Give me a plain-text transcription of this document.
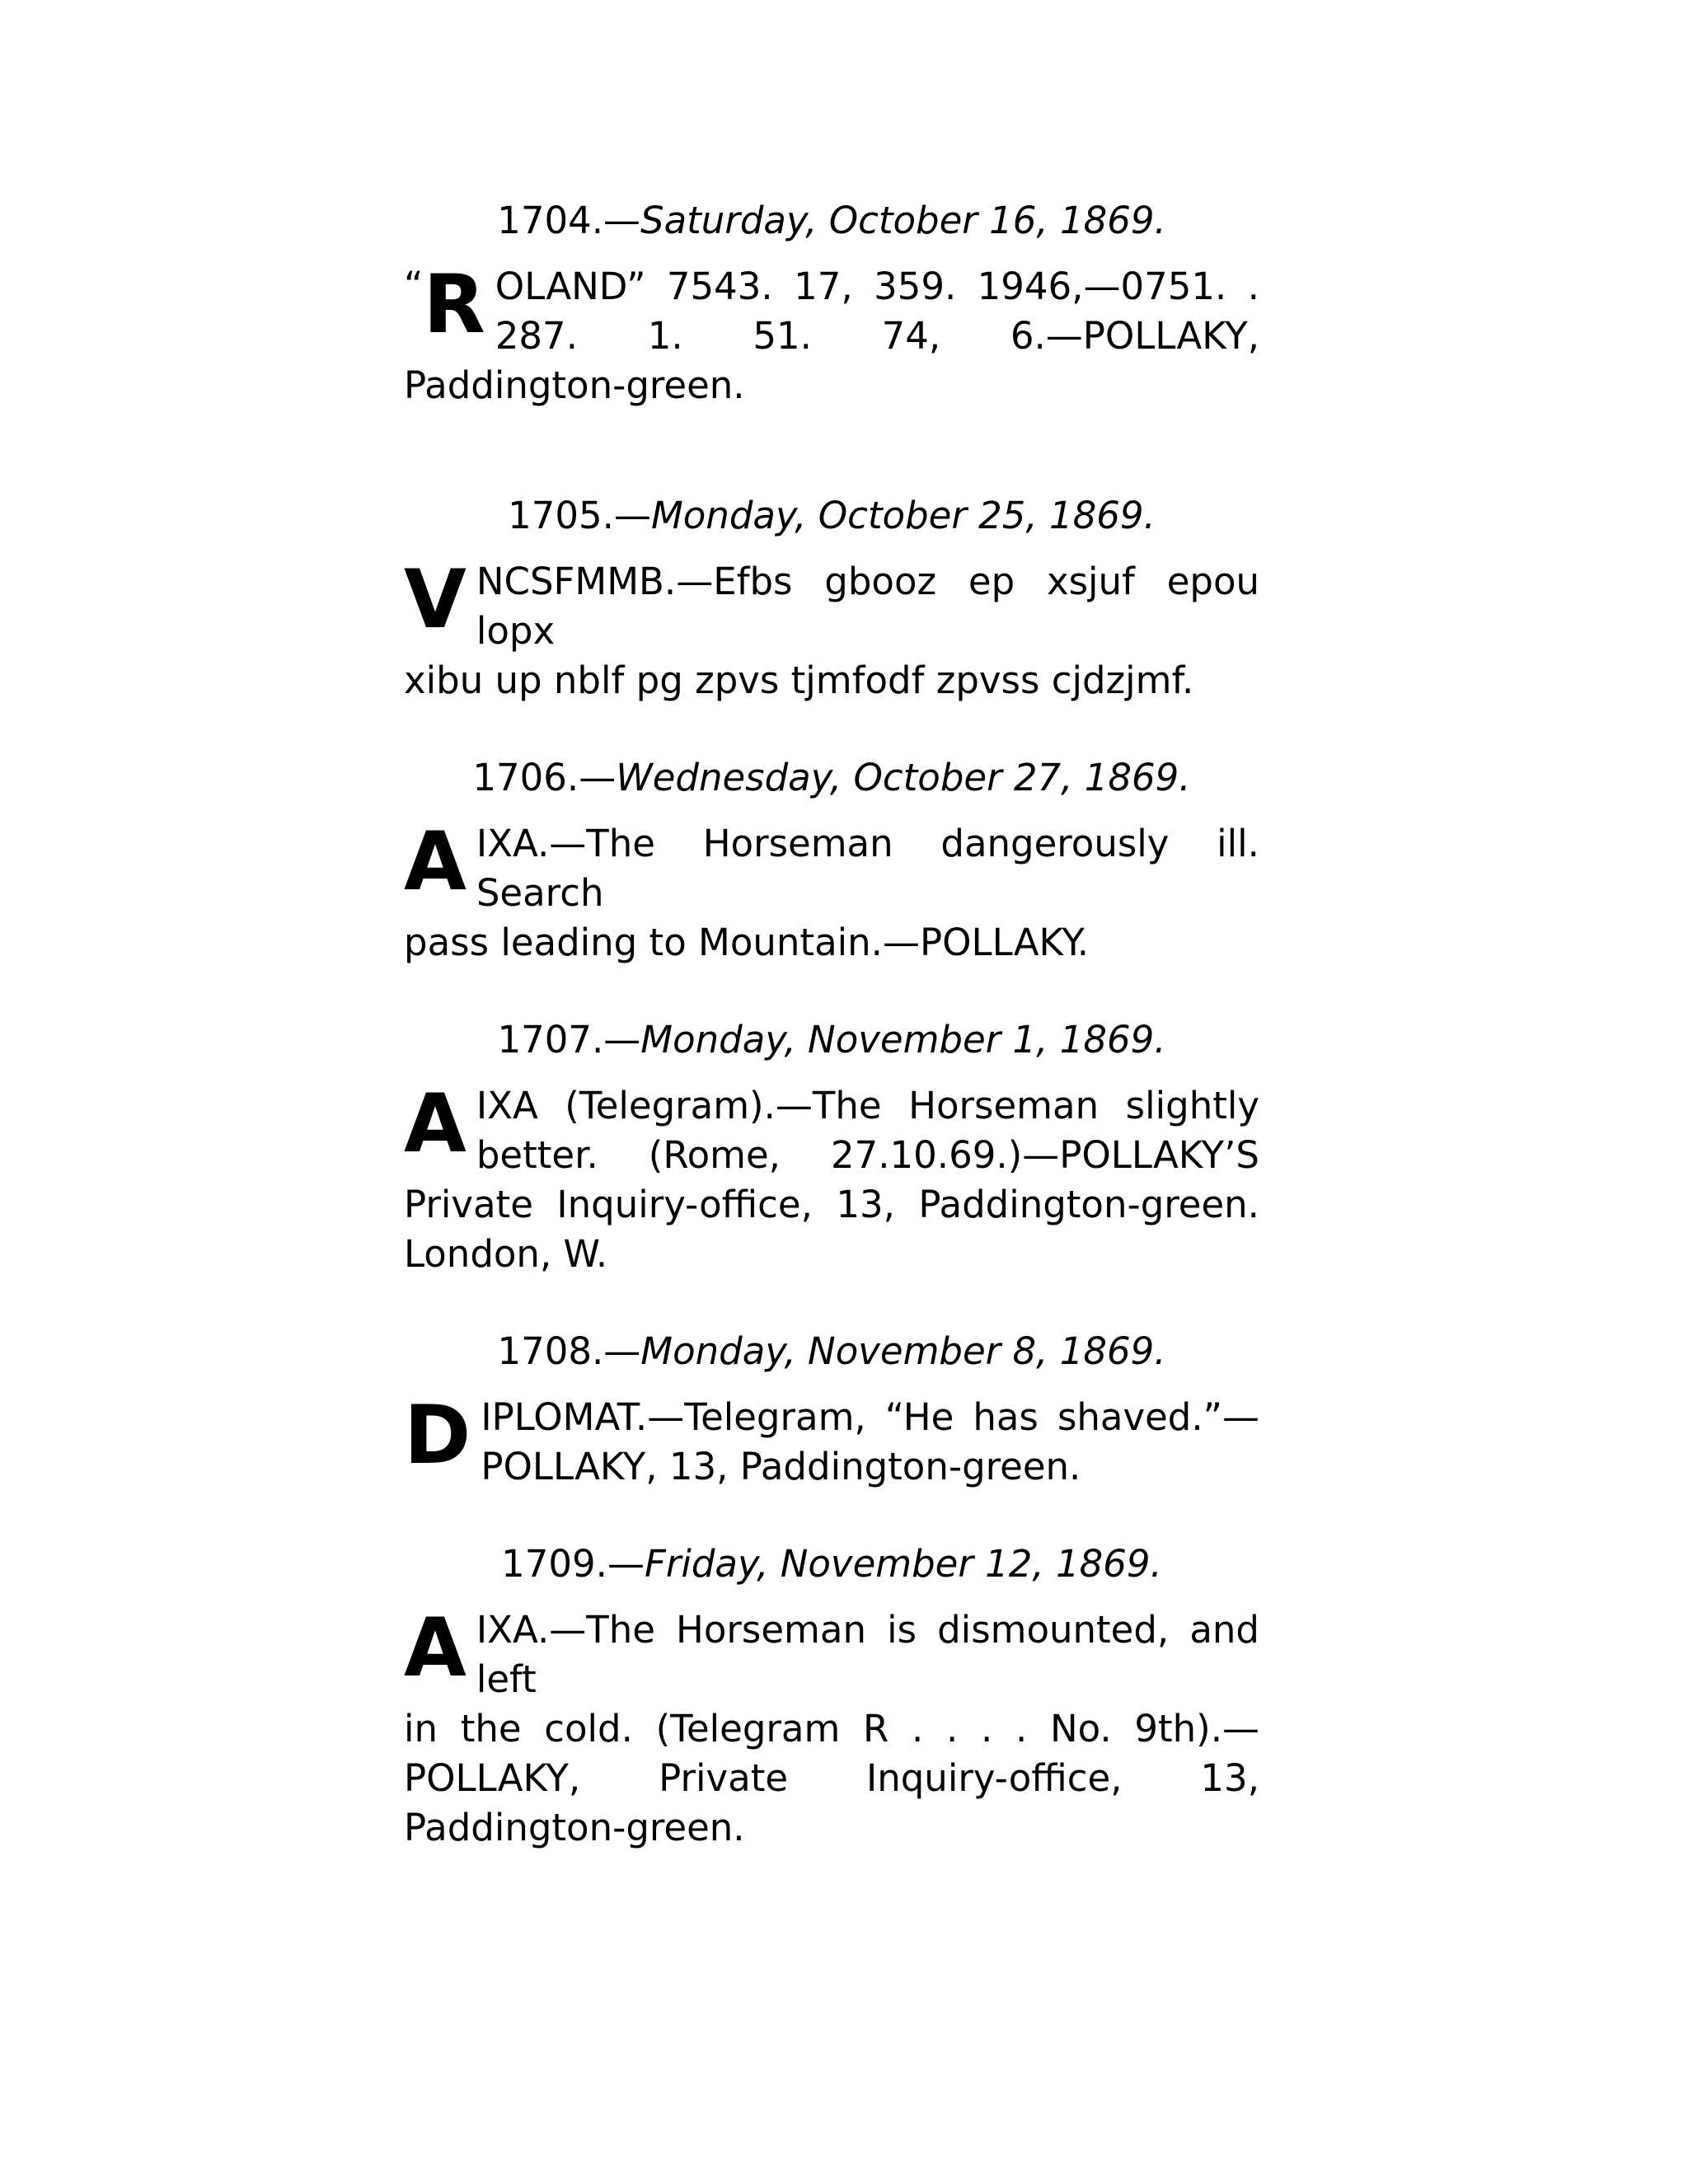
1704.—Saturday, October 16, 1869.

“R OLAND” 7543. 17, 359. 1946,—0751. .
287. 1. 51. 74, 6.—POLLAKY, Paddington-green.

1705.—Monday, October 25, 1869.

V NCSFMMB.—Efbs gbooz ep xsjuf epou lopx
xibu up nblf pg zpvs tjmfodf zpvss cjdzjmf.

1706.—Wednesday, October 27, 1869.

A IXA.—The Horseman dangerously ill. Search
pass leading to Mountain.—POLLAKY.

1707.—Monday, November 1, 1869.

A IXA (Telegram).—The Horseman slightly
better. (Rome, 27.10.69.)—POLLAKY’S Private Inquiry-office, 13, Paddington-green. London, W.

1708.—Monday, November 8, 1869.

D IPLOMAT.—Telegram, “He has shaved.”—
POLLAKY, 13, Paddington-green.

1709.—Friday, November 12, 1869.

A IXA.—The Horseman is dismounted, and left
in the cold. (Telegram R . . . . No. 9th).—POLLAKY, Private Inquiry-office, 13, Paddington-green.
